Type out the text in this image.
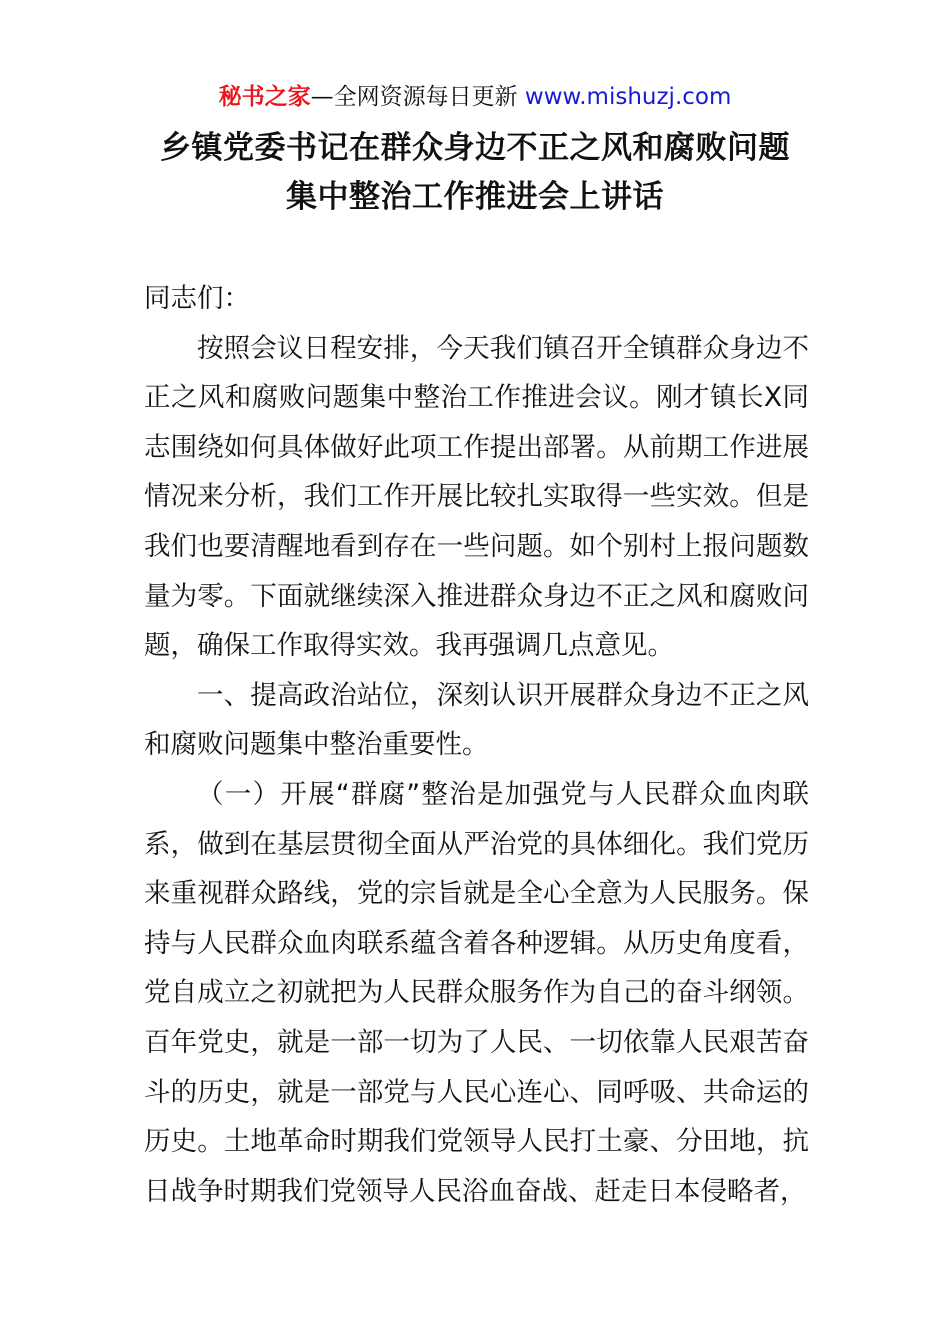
秘书之家—全网资源每日更新 www.mishuzj.com
乡镇党委书记在群众身边不正之风和腐败问题
集中整治工作推进会上讲话

同志们：

按照会议日程安排，今天我们镇召开全镇群众身边不正之风和腐败问题集中整治工作推进会议。刚才镇长X同志围绕如何具体做好此项工作提出部署。从前期工作进展情况来分析，我们工作开展比较扎实取得一些实效。但是我们也要清醒地看到存在一些问题。如个别村上报问题数量为零。下面就继续深入推进群众身边不正之风和腐败问题，确保工作取得实效。我再强调几点意见。

一、提高政治站位，深刻认识开展群众身边不正之风和腐败问题集中整治重要性。

（一）开展“群腐”整治是加强党与人民群众血肉联系，做到在基层贯彻全面从严治党的具体细化。我们党历来重视群众路线，党的宗旨就是全心全意为人民服务。保持与人民群众血肉联系蕴含着各种逻辑。从历史角度看，党自成立之初就把为人民群众服务作为自己的奋斗纲领。百年党史，就是一部一切为了人民、一切依靠人民艰苦奋斗的历史，就是一部党与人民心连心、同呼吸、共命运的历史。土地革命时期我们党领导人民打土豪、分田地，抗日战争时期我们党领导人民浴血奋战、赶走日本侵略者，
